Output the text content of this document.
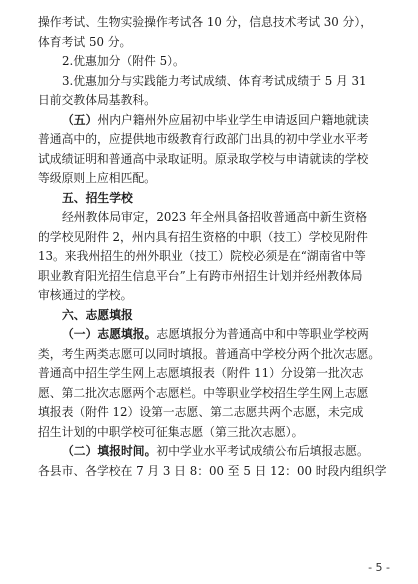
操作考试、生物实验操作考试各 10 分，信息技术考试 30 分），
体育考试 50 分。
2.优惠加分（附件 5）。
3.优惠加分与实践能力考试成绩、体育考试成绩于 5 月 31
日前交教体局基教科。
（五）州内户籍州外应届初中毕业学生申请返回户籍地就读
普通高中的，应提供地市级教育行政部门出具的初中学业水平考
试成绩证明和普通高中录取证明。原录取学校与申请就读的学校
等级原则上应相匹配。
五、招生学校
经州教体局审定，2023 年全州具备招收普通高中新生资格
的学校见附件 2，州内具有招生资格的中职（技工）学校见附件
13。来我州招生的州外职业（技工）院校必须是在“湖南省中等
职业教育阳光招生信息平台”上有跨市州招生计划并经州教体局
审核通过的学校。
六、志愿填报
（一）志愿填报。志愿填报分为普通高中和中等职业学校两
类，考生两类志愿可以同时填报。普通高中学校分两个批次志愿。
普通高中招生学生网上志愿填报表（附件 11）分设第一批次志
愿、第二批次志愿两个志愿栏。中等职业学校招生学生网上志愿
填报表（附件 12）设第一志愿、第二志愿共两个志愿，未完成
招生计划的中职学校可征集志愿（第三批次志愿）。
（二）填报时间。初中学业水平考试成绩公布后填报志愿。
各县市、各学校在 7 月 3 日 8：00 至 5 日 12：00 时段内组织学
- 5 -
